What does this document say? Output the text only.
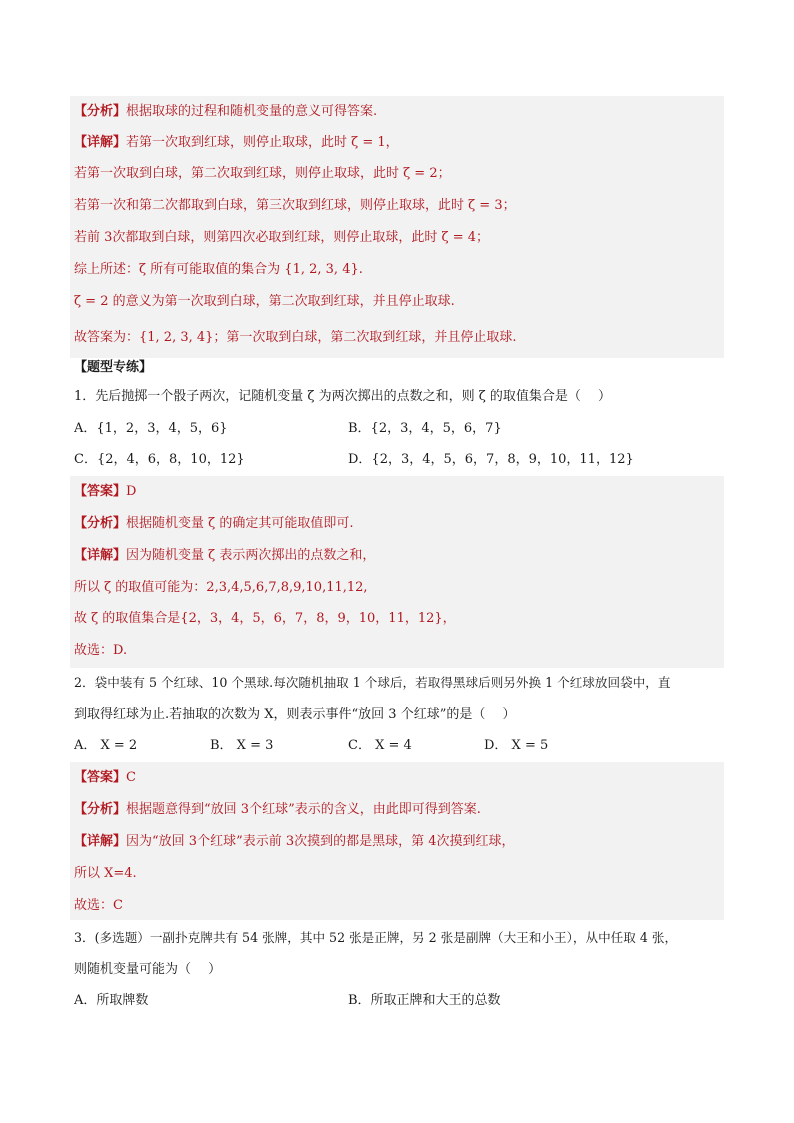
【分析】根据取球的过程和随机变量的意义可得答案.
【详解】若第一次取到红球，则停止取球，此时 ζ = 1，
若第一次取到白球，第二次取到红球，则停止取球，此时 ζ = 2；
若第一次和第二次都取到白球，第三次取到红球，则停止取球，此时 ζ = 3；
若前 3次都取到白球，则第四次必取到红球，则停止取球，此时 ζ = 4；
综上所述：ζ 所有可能取值的集合为 {1, 2, 3, 4}.
ζ = 2 的意义为第一次取到白球，第二次取到红球，并且停止取球.
故答案为：{1, 2, 3, 4}；第一次取到白球，第二次取到红球，并且停止取球.
【题型专练】
1．先后抛掷一个骰子两次，记随机变量 ζ 为两次掷出的点数之和，则 ζ 的取值集合是（　 ）
A．{1，2，3，4，5，6}	B．{2，3，4，5，6，7}
C．{2，4，6，8，10，12}	D．{2，3，4，5，6，7，8，9，10，11，12}
【答案】D
【分析】根据随机变量 ζ 的确定其可能取值即可.
【详解】因为随机变量 ζ 表示两次掷出的点数之和，
所以 ζ 的取值可能为：2,3,4,5,6,7,8,9,10,11,12,
故 ζ 的取值集合是{2，3，4，5，6，7，8，9，10，11，12}，
故选：D.
2．袋中装有 5 个红球、10 个黑球.每次随机抽取 1 个球后，若取得黑球后则另外换 1 个红球放回袋中，直
到取得红球为止.若抽取的次数为 X，则表示事件“放回 3 个红球”的是（　 ）
A． X = 2	B． X = 3	C． X = 4	D． X = 5
【答案】C
【分析】根据题意得到“放回 3个红球”表示的含义，由此即可得到答案.
【详解】因为“放回 3个红球”表示前 3次摸到的都是黑球，第 4次摸到红球，
所以 X=4.
故选：C
3．(多选题）一副扑克牌共有 54 张牌，其中 52 张是正牌，另 2 张是副牌（大王和小王），从中任取 4 张，
则随机变量可能为（　 ）
A．所取牌数	B．所取正牌和大王的总数
